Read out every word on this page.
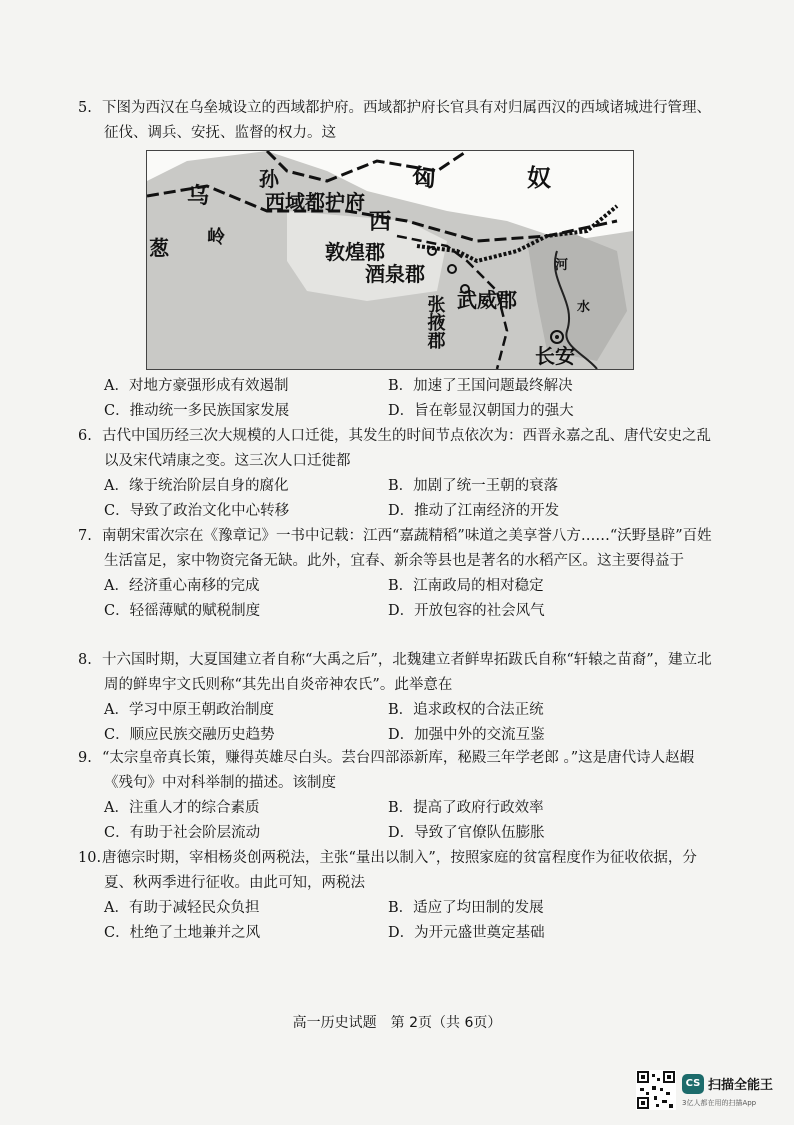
5. 下图为西汉在乌垒城设立的西域都护府。西域都护府长官具有对归属西汉的西域诸城进行管理、征伐、调兵、安抚、监督的权力。这
乌
孙
西域都护府
匈	奴
西
葱 岭
敦煌郡
酒泉郡
张掖郡 武威郡
河
水
长安
A．对地方豪强形成有效遏制	B．加速了王国问题最终解决
C．推动统一多民族国家发展	D．旨在彰显汉朝国力的强大
6. 古代中国历经三次大规模的人口迁徙，其发生的时间节点依次为：西晋永嘉之乱、唐代安史之乱以及宋代靖康之变。这三次人口迁徙都
A．缘于统治阶层自身的腐化	B．加剧了统一王朝的衰落
C．导致了政治文化中心转移	D．推动了江南经济的开发
7. 南朝宋雷次宗在《豫章记》一书中记载：江西“嘉蔬精稻”味道之美享誉八方……“沃野垦辟”百姓生活富足，家中物资完备无缺。此外，宜春、新余等县也是著名的水稻产区。这主要得益于
A．经济重心南移的完成	B．江南政局的相对稳定
C．轻徭薄赋的赋税制度	D．开放包容的社会风气
8. 十六国时期，大夏国建立者自称“大禹之后”，北魏建立者鲜卑拓跋氏自称“轩辕之苗裔”，建立北周的鲜卑宇文氏则称“其先出自炎帝神农氏”。此举意在
A．学习中原王朝政治制度	B．追求政权的合法正统
C．顺应民族交融历史趋势	D．加强中外的交流互鉴
9. “太宗皇帝真长策，赚得英雄尽白头。芸台四部添新库，秘殿三年学老郎 。”这是唐代诗人赵嘏《残句》中对科举制的描述。该制度
A．注重人才的综合素质	B．提高了政府行政效率
C．有助于社会阶层流动	D．导致了官僚队伍膨胀
10.唐德宗时期，宰相杨炎创两税法，主张“量出以制入”，按照家庭的贫富程度作为征收依据，分夏、秋两季进行征收。由此可知，两税法
A．有助于减轻民众负担	B．适应了均田制的发展
C．杜绝了土地兼并之风	D．为开元盛世奠定基础
高一历史试题　第 2页（共 6页）
CS 扫描全能王
3亿人都在用的扫描App
